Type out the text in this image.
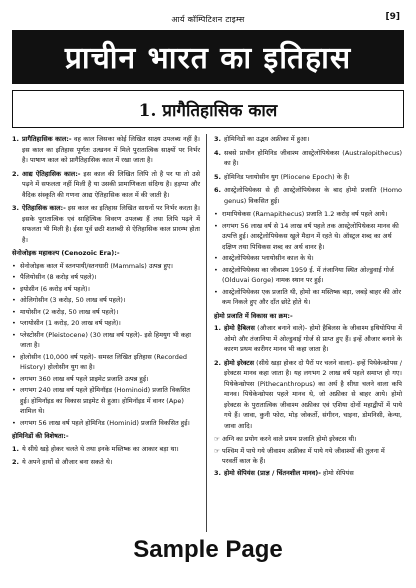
आर्य कॉम्पिटिशन टाइम्स	[9]
प्राचीन भारत का इतिहास
1. प्रागैतिहासिक काल
1. प्रागैतिहासिक काल:- वह काल जिसका कोई लिखित साक्ष्य उपलब्ध नहीं है। इस काल का इतिहास पूर्णतः उत्खनन में मिले पुरातात्विक साक्ष्यों पर निर्भर है। पाषाण काल को प्रागैतिहासिक काल में रखा जाता है।
2. आद्य ऐतिहासिक काल:- इस काल की लिखित लिपि तो है पर या तो उसे पढ़ने में सफलता नहीं मिली है या उसकी प्रामाणिकता संदिग्ध है। हड़प्पा और वैदिक संस्कृति की गणना आद्य ऐतिहासिक काल में की जाती है।
3. ऐतिहासिक काल:- इस काल का इतिहास लिखित साधनों पर निर्भर करता है। इसके पुरातात्विक एवं साहित्यिक विवरण उपलब्ध हैं तथा लिपि पढ़ने में सफलता भी मिली है। ईसा पूर्व छठी शताब्दी से ऐतिहासिक काल प्रारम्भ होता है।
सेनोजोइक महाकल्प (Cenozoic Era):-
• सेनोजोइक काल में स्तनपायी/स्तनधारी (Mammals) उत्पन्न हुए।
• पैलियोसीन (8 करोड़ वर्ष पहले)।
• इयोसीन (6 करोड़ वर्ष पहले)।
• ओलिगोसीन (3 करोड़, 50 लाख वर्ष पहले)।
• मायोसीन (2 करोड़, 50 लाख वर्ष पहले)।
• प्लायोसीन (1 करोड़, 20 लाख वर्ष पहले)।
• प्लेस्टोसीन (Pleistocene) (30 लाख वर्ष पहले)- इसे हिमयुग भी कहा जाता है।
• होलोसीन (10,000 वर्ष पहले)- समस्त लिखित इतिहास (Recorded History) होलोसीन युग का है।
• लगभग 360 लाख वर्ष पहले प्राइमेट प्रजाति उत्पन्न हुई।
• लगभग 240 लाख वर्ष पहले होमिनॉइड (Hominoid) प्रजाति विकसित हुई। होमिनॉइड का विकास प्राइमेट से हुआ। होमिनॉइड में वानर (Ape) शामिल थे।
• लगभग 56 लाख वर्ष पहले होमिनिड (Hominid) प्रजाति विकसित हुई।
होमिनिडों की विशेषता:-
1. ये सीधे खड़े होकर चलते थे तथा इनके मस्तिष्क का आकार बड़ा था।
2. ये अपने हाथों से औजार बना सकते थे।
3. होमिनिडों का उद्भव अफ्रीका में हुआ।
4. सबसे प्राचीन होमिनिड जीवाश्म आस्ट्रेलोपिथेकस (Australopithecus) का है।
5. होमिनिड प्लायोसीन युग (Pliocene Epoch) के हैं।
6. आस्ट्रेलोपिथेकस से ही आस्ट्रेलोपिथेकस के बाद होमो प्रजाति (Homo genus) विकसित हुई।
• रामापिथेकस (Ramapithecus) प्रजाति 1.2 करोड़ वर्ष पहले आये।
• लगभग 56 लाख वर्ष से 14 लाख वर्ष पहले तक आस्ट्रेलोपिथेकस मानव की उत्पत्ति हुई। आस्ट्रेलोपिथेकस खुले मैदान में रहते थे। ऑस्ट्रल शब्द का अर्थ दक्षिण तथा पिथिकस शब्द का अर्थ वानर है।
• आस्ट्रेलोपिथेकस प्लायोसीन काल के थे।
• आस्ट्रेलोपिथेकस का जीवाश्म 1959 ई. में तंजानिया स्थित ओल्डुवाई गोर्ज (Olduvai Gorge) नामक स्थान पर हुई।
• आस्ट्रेलोपिथेकस एक प्रजाति थी, होमो का मस्तिष्क बड़ा, जबड़े बाहर की ओर कम निकले हुए और दाँत छोटे होते थे।
होमो प्रजाति में विकास का क्रम:-
1. होमो हैबिलस (औजार बनाने वाले)- होमो हैबिलस के जीवाश्म इथियोपिया में ओमो और तंजानिया में ओल्डुवाई गोर्ज से प्राप्त हुए हैं। इन्हें औजार बनाने के कारण प्रथम कारीगर मानव भी कहा जाता है।
2. होमो इरेक्टस (सीधे खड़ा होकर दो पैरों पर चलने वाला)- इन्हें पिथेकेन्थ्रोपस / इरेक्टस मानव कहा जाता है। यह लगभग 2 लाख वर्ष पहले समाप्त हो गए। पिथेकेन्थ्रोपस (Pithecanthropus) का अर्थ है सीधा चलने वाला कपि मानव। पिथेकेन्थ्रोपस पहले मानव थे, जो अफ्रीका से बाहर आये। होमो इरेक्टस के पुरातात्विक जीवाश्म अफ्रीका एवं एशिया दोनों महाद्वीपों में पाये गये हैं। जावा, कुनी फोरा, मोड़ जोकर्तो, संगीरन, चाइना, डोमनिसी, केन्या, जावा आदि।
☞ अग्नि का प्रयोग करने वाले प्रथम प्रजाति होमो इरेक्टस थी।
☞ पश्चिम में पाये गये जीवाश्म अफ्रीका में पाये गये जीवाश्मों की तुलना में परवर्ती काल के हैं।
3. होमो सेपियंस (प्राज्ञ / चिंतनशील मानव)- होमो सेपियंस
Sample Page
